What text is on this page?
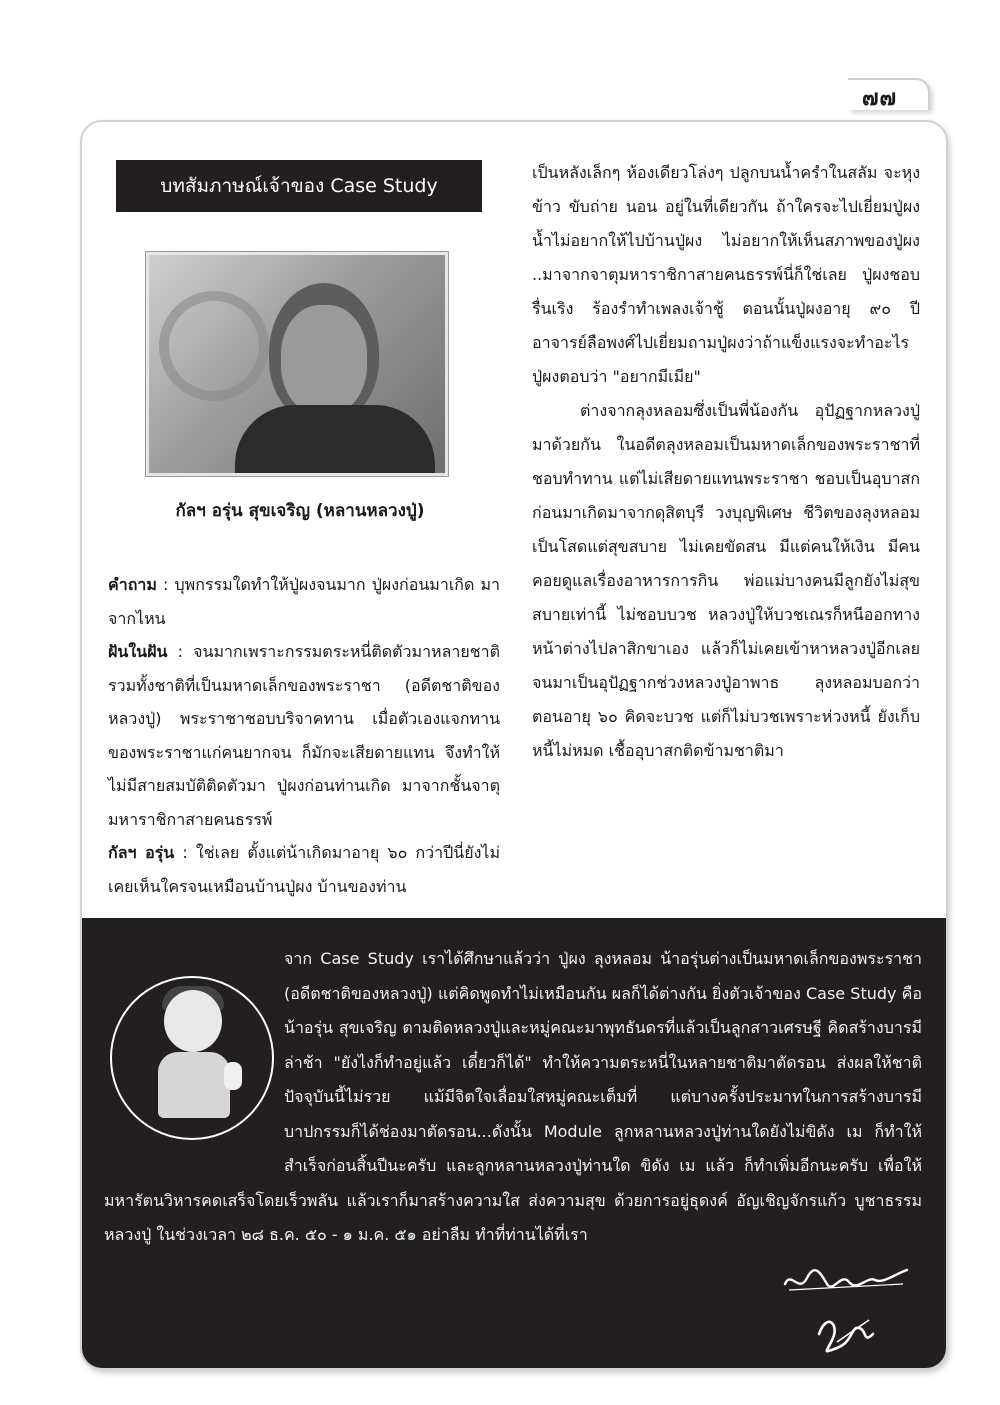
๗๗
บทสัมภาษณ์เจ้าของ Case Study
กัลฯ อรุ่น สุขเจริญ (หลานหลวงปู่)

คำถาม : บุพกรรมใดทำให้ปู่ผงจนมาก ปู่ผงก่อนมาเกิด มาจากไหน

ฝันในฝัน : จนมากเพราะกรรมตระหนี่ติดตัวมาหลายชาติ รวมทั้งชาติที่เป็นมหาดเล็กของพระราชา (อดีตชาติของหลวงปู่) พระราชาชอบบริจาคทาน เมื่อตัวเองแจกทานของพระราชาแก่คนยากจน ก็มักจะเสียดายแทน จึงทำให้ไม่มีสายสมบัติติดตัวมา ปู่ผงก่อนท่านเกิด มาจากชั้นจาตุมหาราชิกาสายคนธรรพ์

กัลฯ อรุ่น : ใช่เลย ตั้งแต่น้าเกิดมาอายุ ๖๐ กว่าปีนี่ยังไม่เคยเห็นใครจนเหมือนบ้านปู่ผง บ้านของท่าน

เป็นหลังเล็กๆ ห้องเดียวโล่งๆ ปลูกบนน้ำครำในสลัม จะหุงข้าว ขับถ่าย นอน อยู่ในที่เดียวกัน ถ้าใครจะไปเยี่ยมปู่ผง น้ำไม่อยากให้ไปบ้านปู่ผง ไม่อยากให้เห็นสภาพของปู่ผง ..มาจากจาตุมหาราชิกาสายคนธรรพ์นี่ก็ใช่เลย ปู่ผงชอบรื่นเริง ร้องรำทำเพลงเจ้าชู้ ตอนนั้นปู่ผงอายุ ๙๐ ปี อาจารย์ลือพงศ์ไปเยี่ยมถามปู่ผงว่าถ้าแข็งแรงจะทำอะไร ปู่ผงตอบว่า "อยากมีเมีย"

ต่างจากลุงหลอมซึ่งเป็นพี่น้องกัน อุปัฏฐากหลวงปู่มาด้วยกัน ในอดีตลุงหลอมเป็นมหาดเล็กของพระราชาที่ชอบทำทาน แต่ไม่เสียดายแทนพระราชา ชอบเป็นอุบาสก ก่อนมาเกิดมาจากดุสิตบุรี วงบุญพิเศษ ชีวิตของลุงหลอมเป็นโสดแต่สุขสบาย ไม่เคยขัดสน มีแต่คนให้เงิน มีคนคอยดูแลเรื่องอาหารการกิน พ่อแม่บางคนมีลูกยังไม่สุขสบายเท่านี้ ไม่ชอบบวช หลวงปู่ให้บวชเณรก็หนีออกทางหน้าต่างไปลาสิกขาเอง แล้วก็ไม่เคยเข้าหาหลวงปู่อีกเลย จนมาเป็นอุปัฏฐากช่วงหลวงปู่อาพาธ ลุงหลอมบอกว่าตอนอายุ ๖๐ คิดจะบวช แต่ก็ไม่บวชเพราะห่วงหนี้ ยังเก็บหนี้ไม่หมด เชื้ออุบาสกติดข้ามชาติมา

จาก Case Study เราได้ศึกษาแล้วว่า ปู่ผง ลุงหลอม น้าอรุ่นต่างเป็นมหาดเล็กของพระราชา (อดีตชาติของหลวงปู่) แต่คิดพูดทำไม่เหมือนกัน ผลก็ได้ต่างกัน ยิ่งตัวเจ้าของ Case Study คือน้าอรุ่น สุขเจริญ ตามติดหลวงปู่และหมู่คณะมาพุทธันดรที่แล้วเป็นลูกสาวเศรษฐี คิดสร้างบารมีล่าช้า "ยังไงก็ทำอยู่แล้ว เดี๋ยวก็ได้" ทำให้ความตระหนี่ในหลายชาติมาตัดรอน ส่งผลให้ชาติปัจจุบันนี้ไม่รวย แม้มีจิตใจเลื่อมใสหมู่คณะเต็มที่ แต่บางครั้งประมาทในการสร้างบารมี บาปกรรมก็ได้ช่องมาตัดรอน...ดังนั้น Module ลูกหลานหลวงปู่ท่านใดยังไม่ขิดัง เม ก็ทำให้สำเร็จก่อนสิ้นปีนะครับ และลูกหลานหลวงปู่ท่านใด ขิดัง เม แล้ว ก็ทำเพิ่มอีกนะครับ เพื่อให้มหารัตนวิหารคดเสร็จโดยเร็วพลัน แล้วเราก็มาสร้างความใส ส่งความสุข ด้วยการอยู่ธุดงค์ อัญเชิญจักรแก้ว บูชาธรรมหลวงปู่ ในช่วงเวลา ๒๘ ธ.ค. ๕๐ - ๑ ม.ค. ๕๑ อย่าลืม ทำที่ท่านได้ที่เรา
